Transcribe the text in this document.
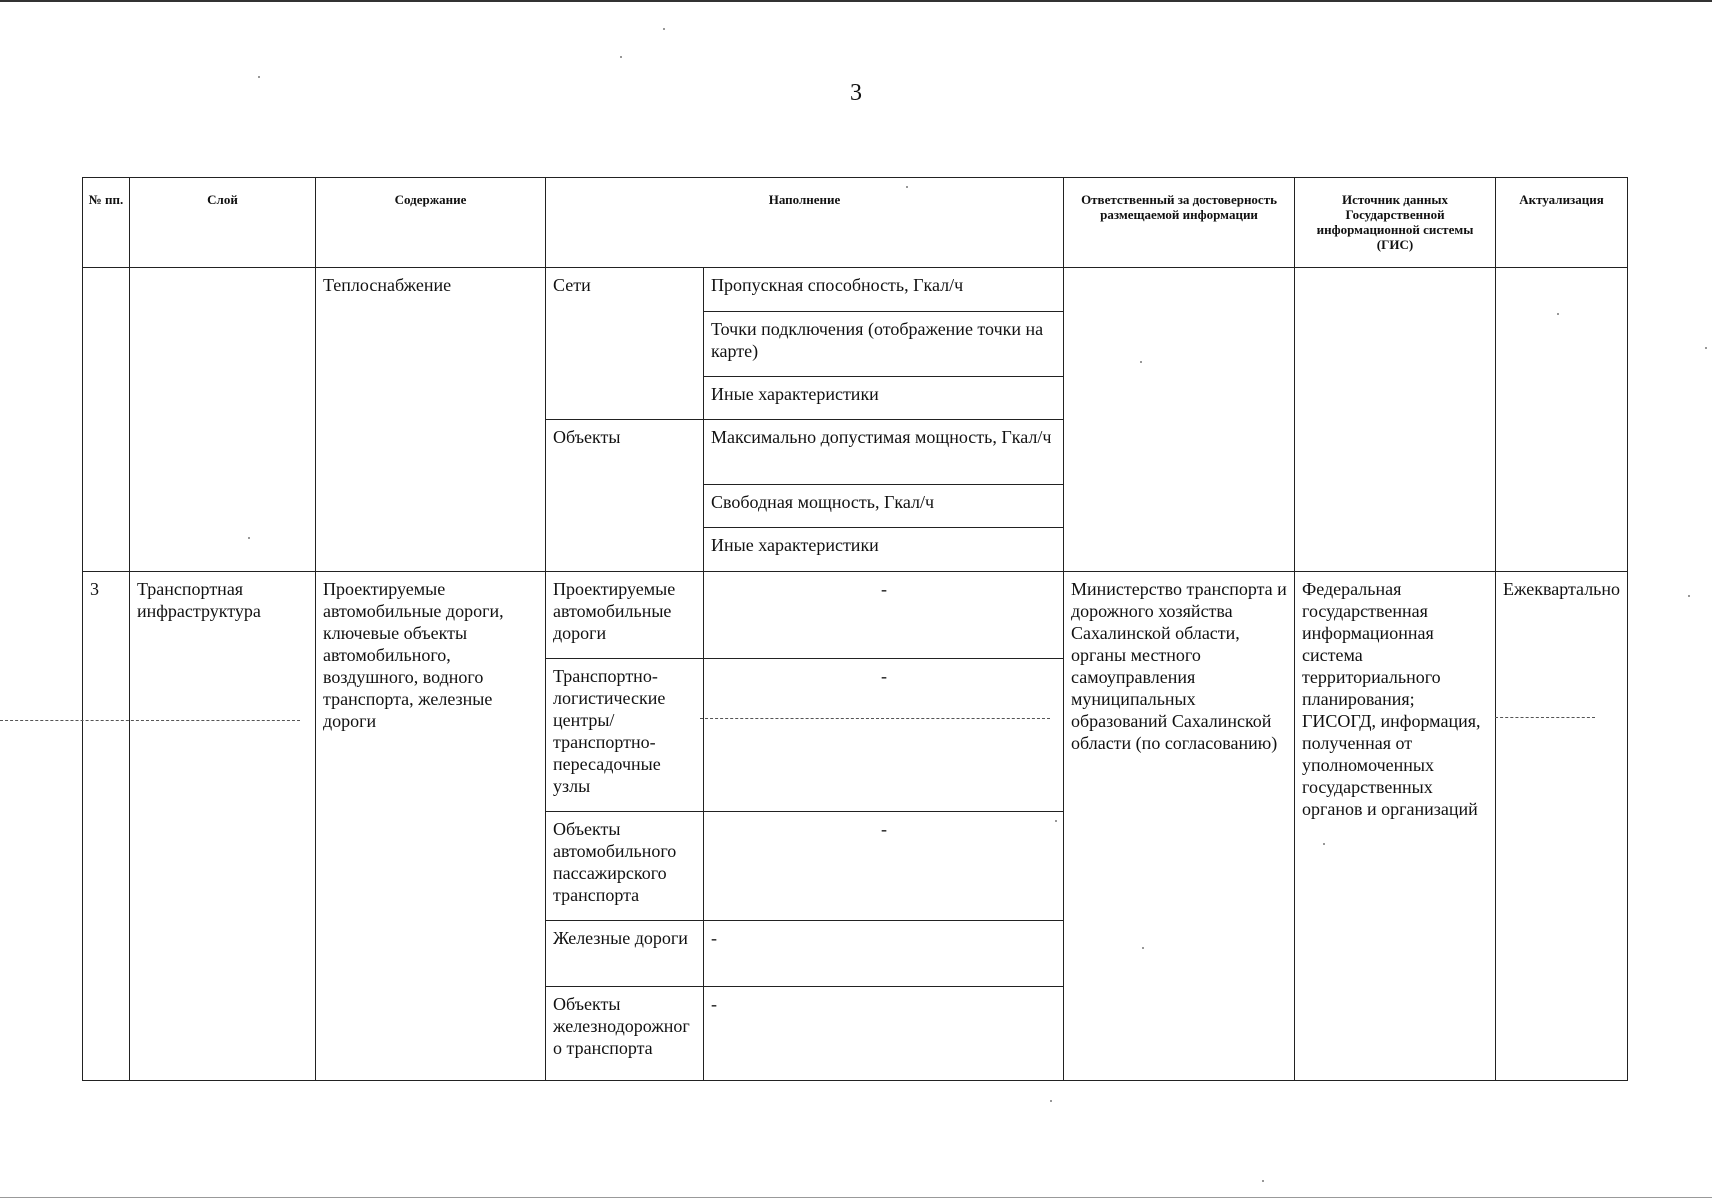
3
№ пп.	Слой	Содержание	Наполнение		Ответственный за достоверность размещаемой информации	Источник данных Государственной информационной системы (ГИС)	Актуализация
		Теплоснабжение	Сети	Пропускная способность, Гкал/ч			
				Точки подключения (отображение точки на карте)			
				Иные характеристики			
			Объекты	Максимально допустимая мощность, Гкал/ч			
				Свободная мощность, Гкал/ч			
				Иные характеристики			
3	Транспортная инфраструктура	Проектируемые автомобильные дороги, ключевые объекты автомобильного, воздушного, водного транспорта, железные дороги	Проектируемые автомобильные дороги	-	Министерство транспорта и дорожного хозяйства Сахалинской области, органы местного самоуправления муниципальных образований Сахалинской области (по согласованию)	Федеральная государственная информационная система территориального планирования; ГИСОГД, информация, полученная от уполномоченных государственных органов и организаций	Ежеквартально
			Транспортно-логистические центры/ транспортно-пересадочные узлы	-			
			Объекты автомобильного пассажирского транспорта	-			
			Железные дороги	-			
			Объекты железнодорожного транспорта	-			
